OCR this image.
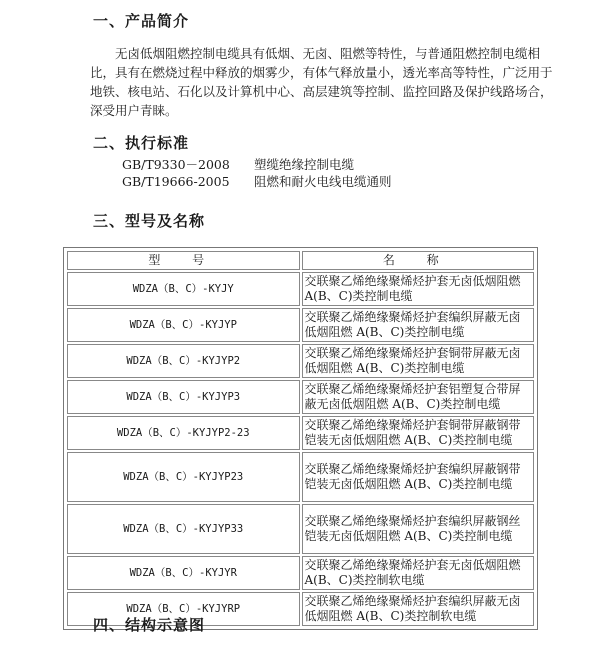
一、产品简介
无卤低烟阻燃控制电缆具有低烟、无卤、阻燃等特性，与普通阻燃控制电缆相比，具有在燃烧过程中释放的烟雾少，有体气释放量小，透光率高等特性，广泛用于地铁、核电站、石化以及计算机中心、高层建筑等控制、监控回路及保护线路场合，深受用户青睐。
二、执行标准
GB/T9330－2008 塑缆绝缘控制电缆
GB/T19666-2005 阻燃和耐火电线电缆通则
三、型号及名称
型 号	名 称
WDZA（B、C）-KYJY	交联聚乙烯绝缘聚烯烃护套无卤低烟阻燃 A(B、C)类控制电缆
WDZA（B、C）-KYJYP	交联聚乙烯绝缘聚烯烃护套编织屏蔽无卤低烟阻燃 A(B、C)类控制电缆
WDZA（B、C）-KYJYP2	交联聚乙烯绝缘聚烯烃护套铜带屏蔽无卤低烟阻燃 A(B、C)类控制电缆
WDZA（B、C）-KYJYP3	交联聚乙烯绝缘聚烯烃护套铝塑复合带屏蔽无卤低烟阻燃 A(B、C)类控制电缆
WDZA（B、C）-KYJYP2-23	交联聚乙烯绝缘聚烯烃护套铜带屏蔽钢带铠装无卤低烟阻燃 A(B、C)类控制电缆
WDZA（B、C）-KYJYP23	交联聚乙烯绝缘聚烯烃护套编织屏蔽钢带铠装无卤低烟阻燃 A(B、C)类控制电缆
WDZA（B、C）-KYJYP33	交联聚乙烯绝缘聚烯烃护套编织屏蔽钢丝铠装无卤低烟阻燃 A(B、C)类控制电缆
WDZA（B、C）-KYJYR	交联聚乙烯绝缘聚烯烃护套无卤低烟阻燃 A(B、C)类控制软电缆
WDZA（B、C）-KYJYRP	交联聚乙烯绝缘聚烯烃护套编织屏蔽无卤低烟阻燃 A(B、C)类控制软电缆
四、结构示意图
